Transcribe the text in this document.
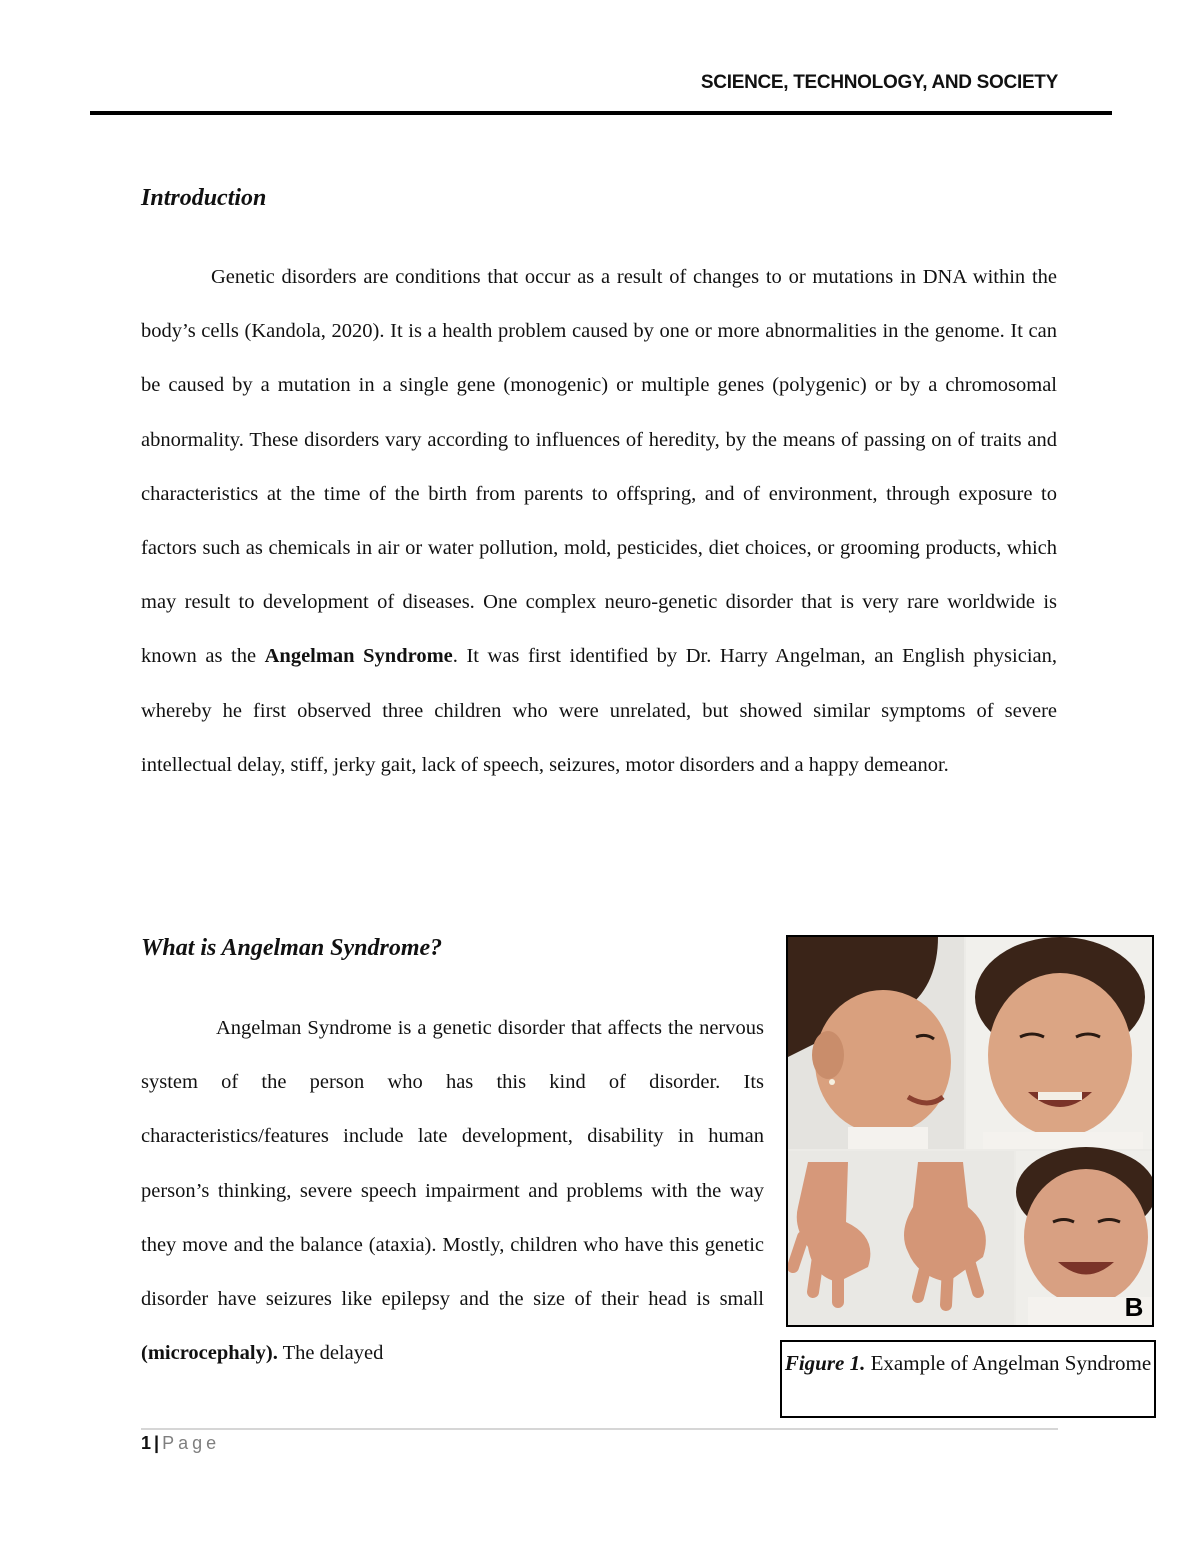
SCIENCE, TECHNOLOGY, AND SOCIETY
Introduction

Genetic disorders are conditions that occur as a result of changes to or mutations in DNA within the body’s cells (Kandola, 2020). It is a health problem caused by one or more abnormalities in the genome. It can be caused by a mutation in a single gene (monogenic) or multiple genes (polygenic) or by a chromosomal abnormality. These disorders vary according to influences of heredity, by the means of passing on of traits and characteristics at the time of the birth from parents to offspring, and of environment, through exposure to factors such as chemicals in air or water pollution, mold, pesticides, diet choices, or grooming products, which may result to development of diseases. One complex neuro-genetic disorder that is very rare worldwide is known as the Angelman Syndrome. It was first identified by Dr. Harry Angelman, an English physician, whereby he first observed three children who were unrelated, but showed similar symptoms of severe intellectual delay, stiff, jerky gait, lack of speech, seizures, motor disorders and a happy demeanor.

What is Angelman Syndrome?

Angelman Syndrome is a genetic disorder that affects the nervous system of the person who has this kind of disorder. Its characteristics/features include late development, disability in human person’s thinking, severe speech impairment and problems with the way they move and the balance (ataxia). Mostly, children who have this genetic disorder have seizures like epilepsy and the size of their head is small (microcephaly). The delayed

B
Figure 1. Example of Angelman Syndrome
1 | Page
